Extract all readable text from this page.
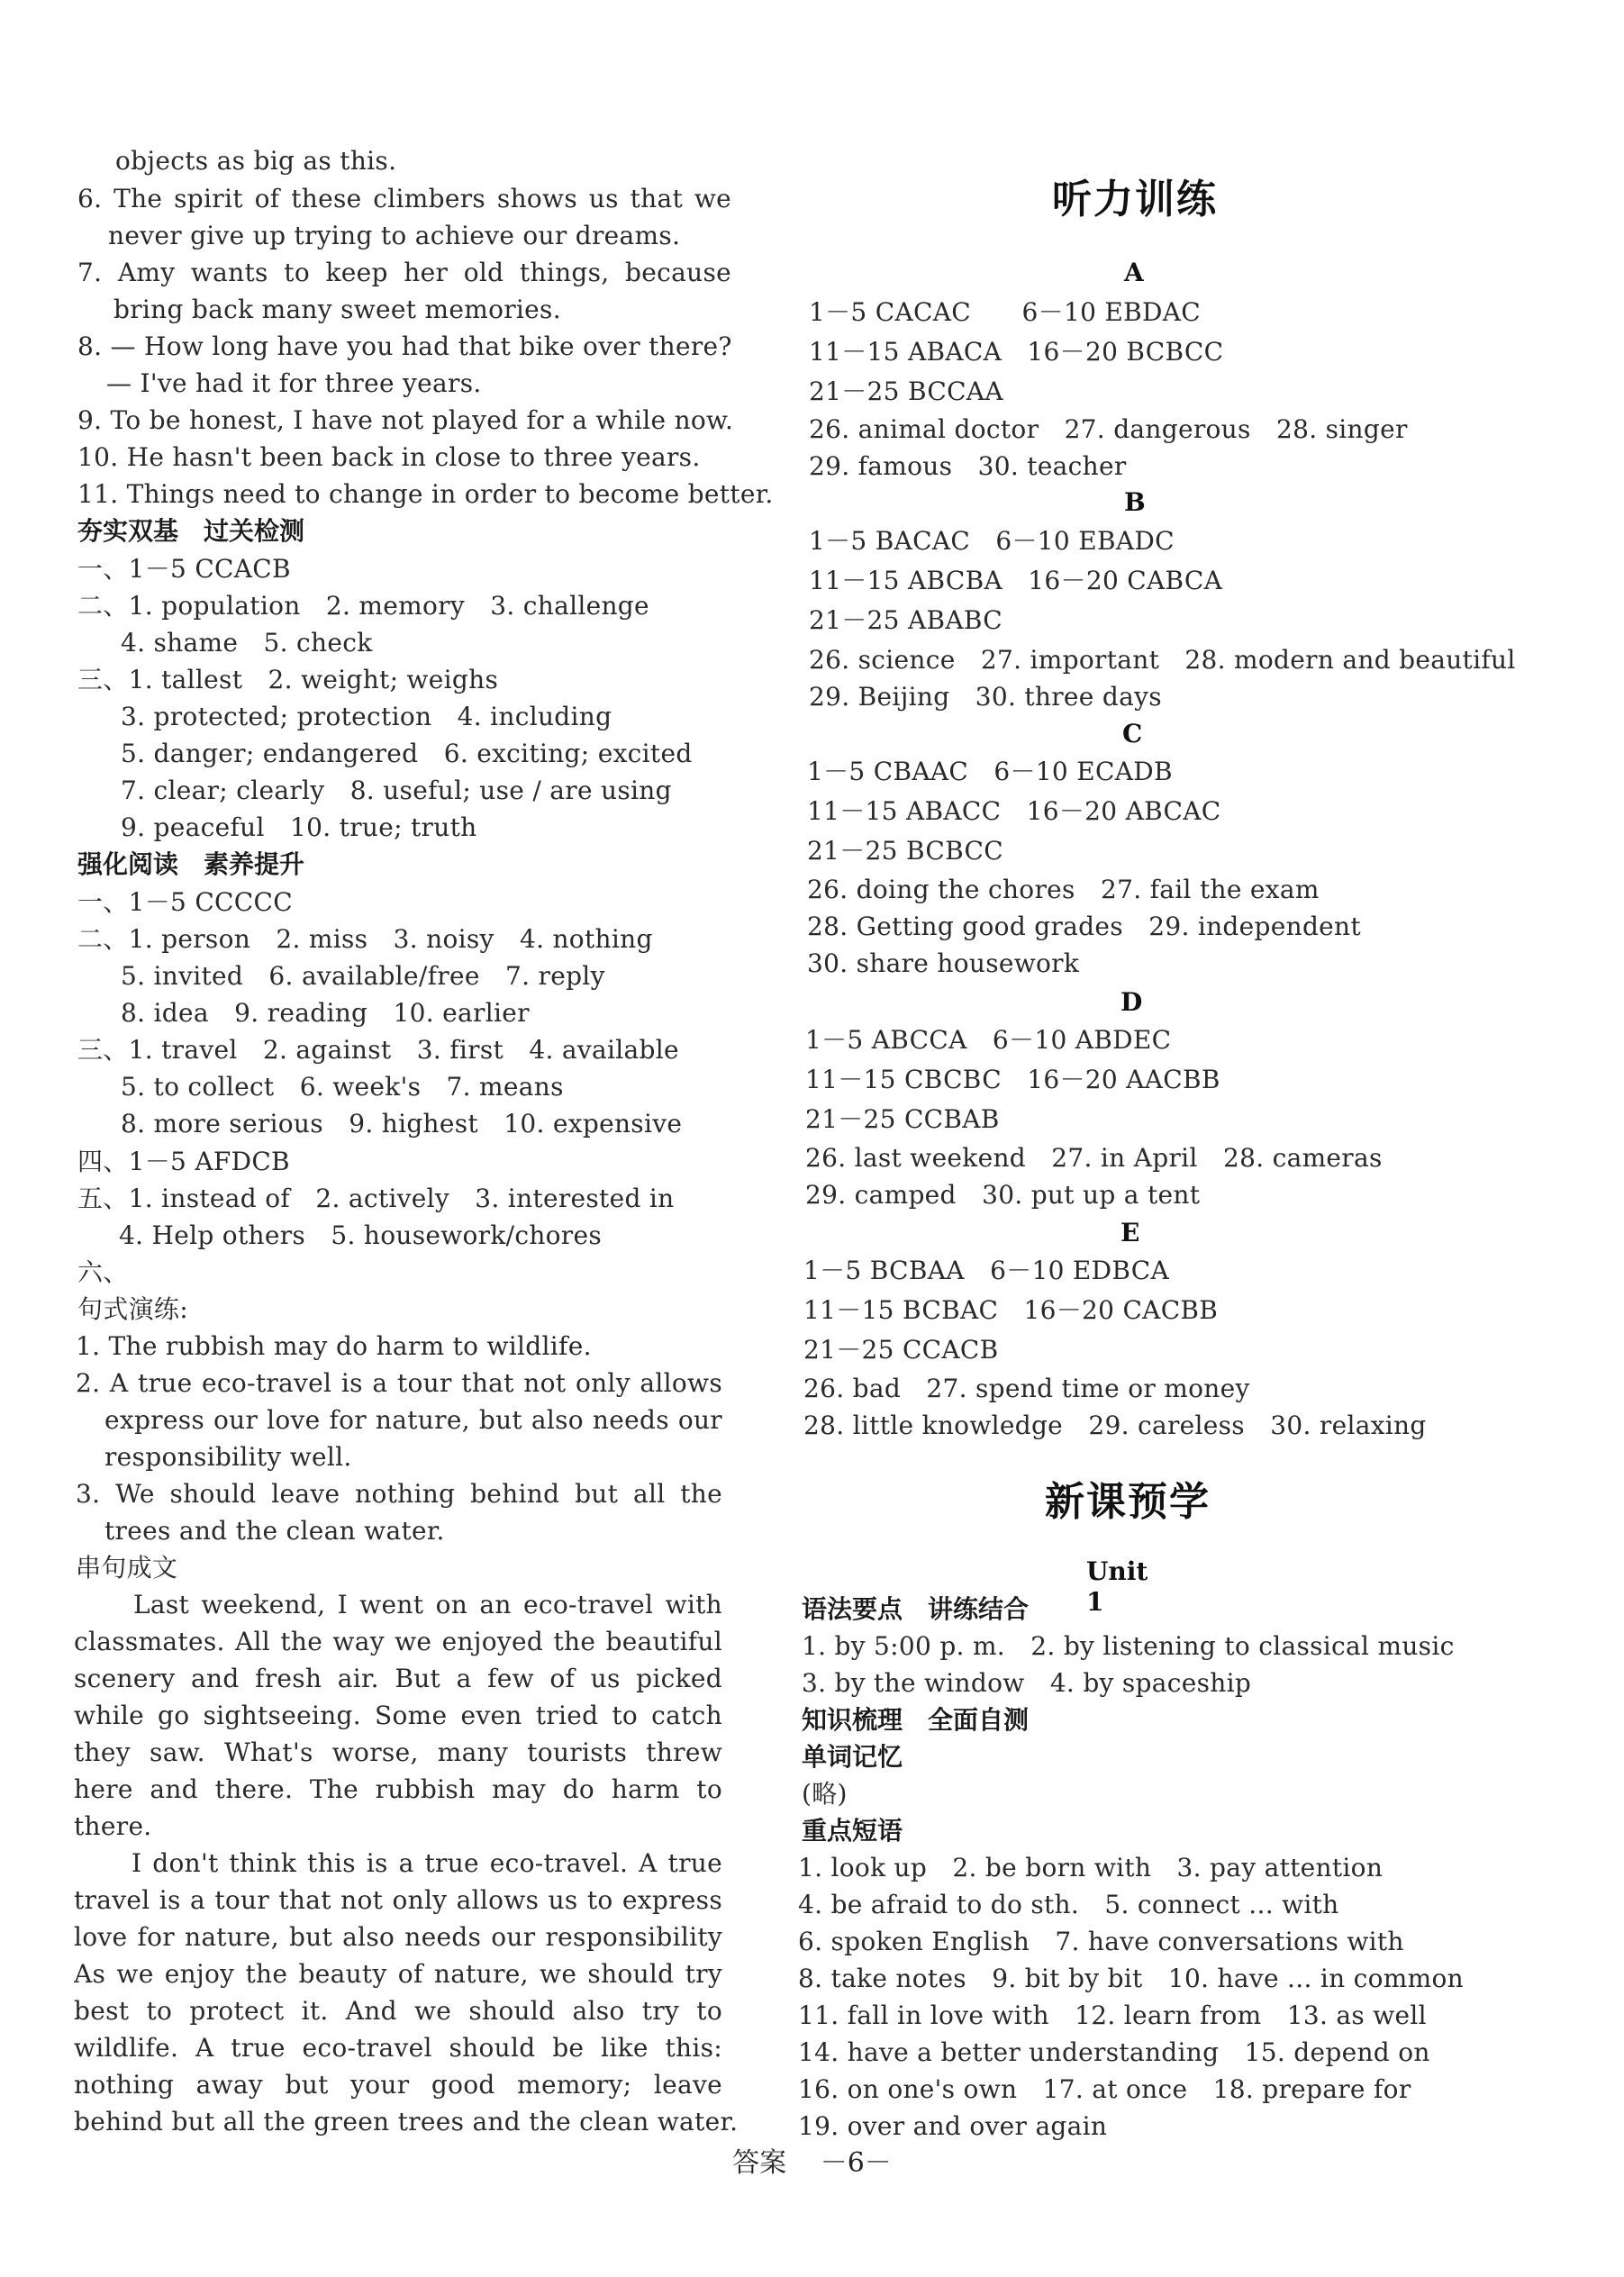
objects as big as this.
6. The spirit of these climbers shows us that we
never give up trying to achieve our dreams.
7. Amy wants to keep her old things, because
bring back many sweet memories.
8. — How long have you had that bike over there?
— I've had it for three years.
9. To be honest, I have not played for a while now.
10. He hasn't been back in close to three years.
11. Things need to change in order to become better.
夯实双基　过关检测
一、1－5 CCACB
二、1. population　2. memory　3. challenge
4. shame　5. check
三、1. tallest　2. weight; weighs
3. protected; protection　4. including
5. danger; endangered　6. exciting; excited
7. clear; clearly　8. useful; use / are using
9. peaceful　10. true; truth
强化阅读　素养提升
一、1－5 CCCCC
二、1. person　2. miss　3. noisy　4. nothing
5. invited　6. available/free　7. reply
8. idea　9. reading　10. earlier
三、1. travel　2. against　3. first　4. available
5. to collect　6. week's　7. means
8. more serious　9. highest　10. expensive
四、1－5 AFDCB
五、1. instead of　2. actively　3. interested in
4. Help others　5. housework/chores
六、
句式演练:
1. The rubbish may do harm to wildlife.
2. A true eco-travel is a tour that not only allows
express our love for nature, but also needs our
responsibility well.
3. We should leave nothing behind but all the
trees and the clean water.
串句成文
Last weekend, I went on an eco-travel with
classmates. All the way we enjoyed the beautiful
scenery and fresh air. But a few of us picked
while go sightseeing. Some even tried to catch
they saw. What's worse, many tourists threw
here and there. The rubbish may do harm to
there.
I don't think this is a true eco-travel. A true
travel is a tour that not only allows us to express
love for nature, but also needs our responsibility
As we enjoy the beauty of nature, we should try
best to protect it. And we should also try to
wildlife. A true eco-travel should be like this:
nothing away but your good memory; leave
behind but all the green trees and the clean water.
听力训练
A
1－5 CACAC　　6－10 EBDAC
11－15 ABACA　16－20 BCBCC
21－25 BCCAA
26. animal doctor　27. dangerous　28. singer
29. famous　30. teacher
B
1－5 BACAC　6－10 EBADC
11－15 ABCBA　16－20 CABCA
21－25 ABABC
26. science　27. important　28. modern and beautiful
29. Beijing　30. three days
C
1－5 CBAAC　6－10 ECADB
11－15 ABACC　16－20 ABCAC
21－25 BCBCC
26. doing the chores　27. fail the exam
28. Getting good grades　29. independent
30. share housework
D
1－5 ABCCA　6－10 ABDEC
11－15 CBCBC　16－20 AACBB
21－25 CCBAB
26. last weekend　27. in April　28. cameras
29. camped　30. put up a tent
E
1－5 BCBAA　6－10 EDBCA
11－15 BCBAC　16－20 CACBB
21－25 CCACB
26. bad　27. spend time or money
28. little knowledge　29. careless　30. relaxing
新课预学
Unit 1
语法要点　讲练结合
1. by 5:00 p. m.　2. by listening to classical music
3. by the window　4. by spaceship
知识梳理　全面自测
单词记忆
(略)
重点短语
1. look up　2. be born with　3. pay attention
4. be afraid to do sth.　5. connect ... with
6. spoken English　7. have conversations with
8. take notes　9. bit by bit　10. have ... in common
11. fall in love with　12. learn from　13. as well
14. have a better understanding　15. depend on
16. on one's own　17. at once　18. prepare for
19. over and over again
答案 －6－
